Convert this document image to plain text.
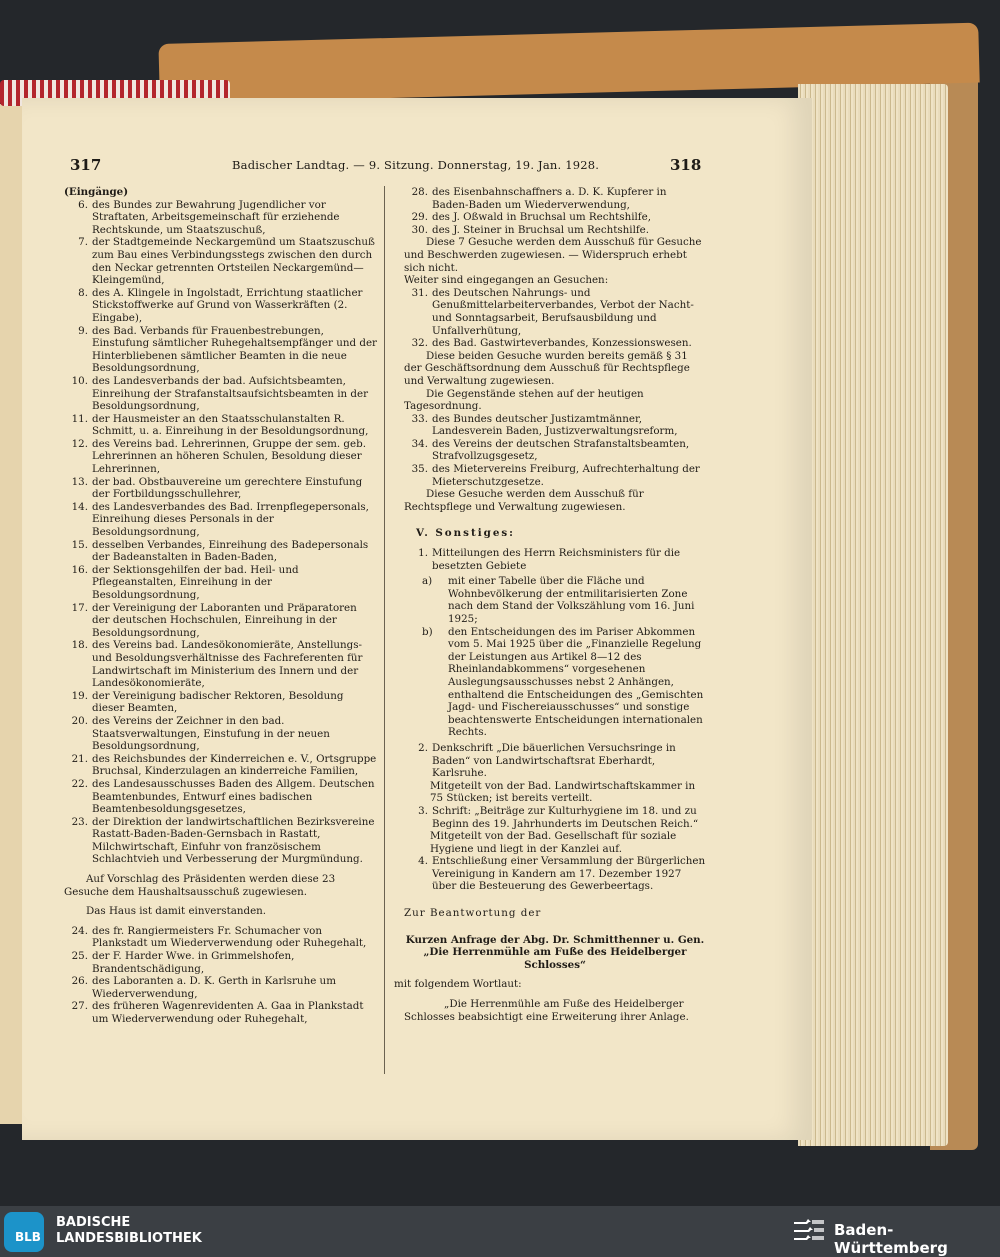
317	318
Badischer Landtag. — 9. Sitzung. Donnerstag, 19. Jan. 1928.

(Eingänge)

6. des Bundes zur Bewahrung Jugendlicher vor Straftaten, Arbeitsgemeinschaft für erziehende Rechtskunde, um Staatszuschuß,
7. der Stadtgemeinde Neckargemünd um Staatszuschuß zum Bau eines Verbindungsstegs zwischen den durch den Neckar getrennten Ortsteilen Neckargemünd—Kleingemünd,
8. des A. Klingele in Ingolstadt, Errichtung staatlicher Stickstoffwerke auf Grund von Wasserkräften (2. Eingabe),
9. des Bad. Verbands für Frauenbestrebungen, Einstufung sämtlicher Ruhegehaltsempfänger und der Hinterbliebenen sämtlicher Beamten in die neue Besoldungsordnung,
10. des Landesverbands der bad. Aufsichtsbeamten, Einreihung der Strafanstaltsaufsichtsbeamten in der Besoldungsordnung,
11. der Hausmeister an den Staatsschulanstalten R. Schmitt, u. a. Einreihung in der Besoldungsordnung,
12. des Vereins bad. Lehrerinnen, Gruppe der sem. geb. Lehrerinnen an höheren Schulen, Besoldung dieser Lehrerinnen,
13. der bad. Obstbauvereine um gerechtere Einstufung der Fortbildungsschullehrer,
14. des Landesverbandes des Bad. Irrenpflegepersonals, Einreihung dieses Personals in der Besoldungsordnung,
15. desselben Verbandes, Einreihung des Badepersonals der Badeanstalten in Baden-Baden,
16. der Sektionsgehilfen der bad. Heil- und Pflegeanstalten, Einreihung in der Besoldungsordnung,
17. der Vereinigung der Laboranten und Präparatoren der deutschen Hochschulen, Einreihung in der Besoldungsordnung,
18. des Vereins bad. Landesökonomieräte, Anstellungs- und Besoldungsverhältnisse des Fachreferenten für Landwirtschaft im Ministerium des Innern und der Landesökonomieräte,
19. der Vereinigung badischer Rektoren, Besoldung dieser Beamten,
20. des Vereins der Zeichner in den bad. Staatsverwaltungen, Einstufung in der neuen Besoldungsordnung,
21. des Reichsbundes der Kinderreichen e. V., Ortsgruppe Bruchsal, Kinderzulagen an kinderreiche Familien,
22. des Landesausschusses Baden des Allgem. Deutschen Beamtenbundes, Entwurf eines badischen Beamtenbesoldungsgesetzes,
23. der Direktion der landwirtschaftlichen Bezirksvereine Rastatt-Baden-Baden-Gernsbach in Rastatt, Milchwirtschaft, Einfuhr von französischem Schlachtvieh und Verbesserung der Murgmündung.

Auf Vorschlag des Präsidenten werden diese 23 Gesuche dem Haushaltsausschuß zugewiesen.

Das Haus ist damit einverstanden.

24. des fr. Rangiermeisters Fr. Schumacher von Plankstadt um Wiederverwendung oder Ruhegehalt,
25. der F. Harder Wwe. in Grimmelshofen, Brandentschädigung,
26. des Laboranten a. D. K. Gerth in Karlsruhe um Wiederverwendung,
27. des früheren Wagenrevidenten A. Gaa in Plankstadt um Wiederverwendung oder Ruhegehalt,
28. des Eisenbahnschaffners a. D. K. Kupferer in Baden-Baden um Wiederverwendung,
29. des J. Oßwald in Bruchsal um Rechtshilfe,
30. des J. Steiner in Bruchsal um Rechtshilfe.

Diese 7 Gesuche werden dem Ausschuß für Gesuche und Beschwerden zugewiesen. — Widerspruch erhebt sich nicht.

Weiter sind eingegangen an Gesuchen:

31. des Deutschen Nahrungs- und Genußmittelarbeiterverbandes, Verbot der Nacht- und Sonntagsarbeit, Berufsausbildung und Unfallverhütung,
32. des Bad. Gastwirteverbandes, Konzessionswesen.

Diese beiden Gesuche wurden bereits gemäß § 31 der Geschäftsordnung dem Ausschuß für Rechtspflege und Verwaltung zugewiesen.

Die Gegenstände stehen auf der heutigen Tagesordnung.

33. des Bundes deutscher Justizamtmänner, Landesverein Baden, Justizverwaltungsreform,
34. des Vereins der deutschen Strafanstaltsbeamten, Strafvollzugsgesetz,
35. des Mietervereins Freiburg, Aufrechterhaltung der Mieterschutzgesetze.

Diese Gesuche werden dem Ausschuß für Rechtspflege und Verwaltung zugewiesen.

V. Sonstiges:

1. Mitteilungen des Herrn Reichsministers für die besetzten Gebiete
a)	mit einer Tabelle über die Fläche und Wohnbevölkerung der entmilitarisierten Zone nach dem Stand der Volkszählung vom 16. Juni 1925;
b)	den Entscheidungen des im Pariser Abkommen vom 5. Mai 1925 über die „Finanzielle Regelung der Leistungen aus Artikel 8—12 des Rheinlandabkommens“ vorgesehenen Auslegungsausschusses nebst 2 Anhängen, enthaltend die Entscheidungen des „Gemischten Jagd- und Fischereiausschusses“ und sonstige beachtenswerte Entscheidungen internationalen Rechts.
2. Denkschrift „Die bäuerlichen Versuchsringe in Baden“ von Landwirtschaftsrat Eberhardt, Karlsruhe.

Mitgeteilt von der Bad. Landwirtschaftskammer in 75 Stücken; ist bereits verteilt.

3. Schrift: „Beiträge zur Kulturhygiene im 18. und zu Beginn des 19. Jahrhunderts im Deutschen Reich.“

Mitgeteilt von der Bad. Gesellschaft für soziale Hygiene und liegt in der Kanzlei auf.

4. Entschließung einer Versammlung der Bürgerlichen Vereinigung in Kandern am 17. Dezember 1927 über die Besteuerung des Gewerbeertags.

Zur Beantwortung der

Kurzen Anfrage der Abg. Dr. Schmitthenner u. Gen.

„Die Herrenmühle am Fuße des Heidelberger Schlosses“

mit folgendem Wortlaut:

„Die Herrenmühle am Fuße des Heidelberger Schlosses beabsichtigt eine Erweiterung ihrer Anlage.

BLB
BADISCHE
LANDESBIBLIOTHEK	Baden-Württemberg
